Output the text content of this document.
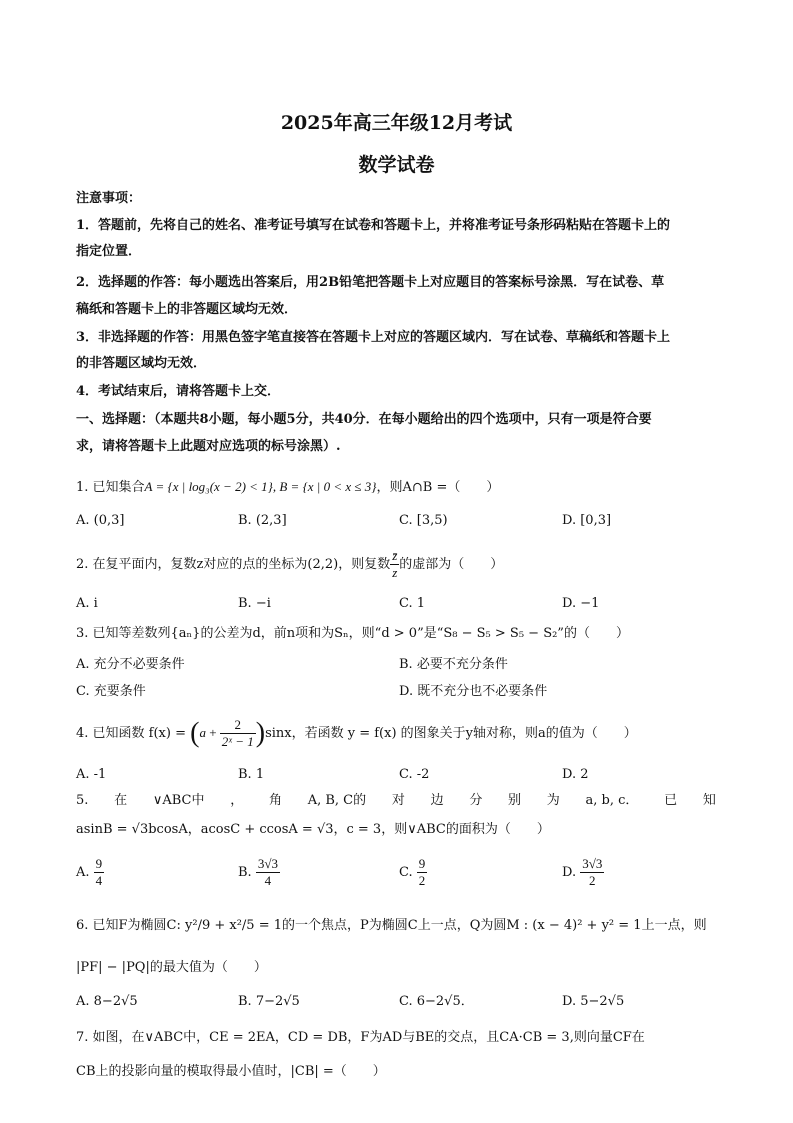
2025年高三年级12月考试
数学试卷
注意事项：
1．答题前，先将自己的姓名、准考证号填写在试卷和答题卡上，并将准考证号条形码粘贴在答题卡上的
指定位置．
2．选择题的作答：每小题选出答案后，用2B铅笔把答题卡上对应题目的答案标号涂黑．写在试卷、草
稿纸和答题卡上的非答题区域均无效．
3．非选择题的作答：用黑色签字笔直接答在答题卡上对应的答题区域内．写在试卷、草稿纸和答题卡上
的非答题区域均无效．
4．考试结束后，请将答题卡上交．
一、选择题：（本题共8小题，每小题5分，共40分．在每小题给出的四个选项中，只有一项是符合要
求，请将答题卡上此题对应选项的标号涂黑）.
1. 已知集合A = {x | log₃(x − 2) < 1}, B = {x | 0 < x ≤ 3}，则A∩B =（　　）
A. (0,3]	B. (2,3]	C. [3,5)	D. [0,3]
2. 在复平面内，复数z对应的点的坐标为(2,2)，则复数 $\frac{z̄}{z}$ 的虚部为（　　）
A. i	B. −i	C. 1	D. −1
3. 已知等差数列{aₙ}的公差为d，前n项和为Sₙ，则“d > 0”是“S₈ − S₅ > S₅ − S₂”的（　　）
A. 充分不必要条件	B. 必要不充分条件
C. 充要条件	D. 既不充分也不必要条件
4. 已知函数 $f(x) = (a + \frac{2}{\text{2ˣ − 1}} )\sin x$，若函数 y = f(x) 的图象关于y轴对称，则a的值为（　　）
A. -1	B. 1	C. -2	D. 2
5. 在 ∨ABC中 ， 角 A, B, C的 对 边 分 别 为 a, b, c． 已 知
asinB = √3bcosA，acosC + ccosA = √3，c = 3，则∨ABC的面积为（　　）
A. $\frac{9}{4}$	B. $\frac{3√3}{4}$	C. $\frac{9}{2}$	D. $\frac{3√3}{2}$
6. 已知F为椭圆C: y²/9 + x²/5 = 1的一个焦点，P为椭圆C上一点，Q为圆M : (x − 4)² + y² = 1上一点，则
|PF| − |PQ|的最大值为（　　）
A. 8−2√5	B. 7−2√5	C. 6−2√5．	D. 5−2√5
7. 如图，在∨ABC中，CE = 2EA，CD = DB，F为AD与BE的交点，且CA·CB = 3,则向量CF在
CB上的投影向量的模取得最小值时，|CB| =（　　）
